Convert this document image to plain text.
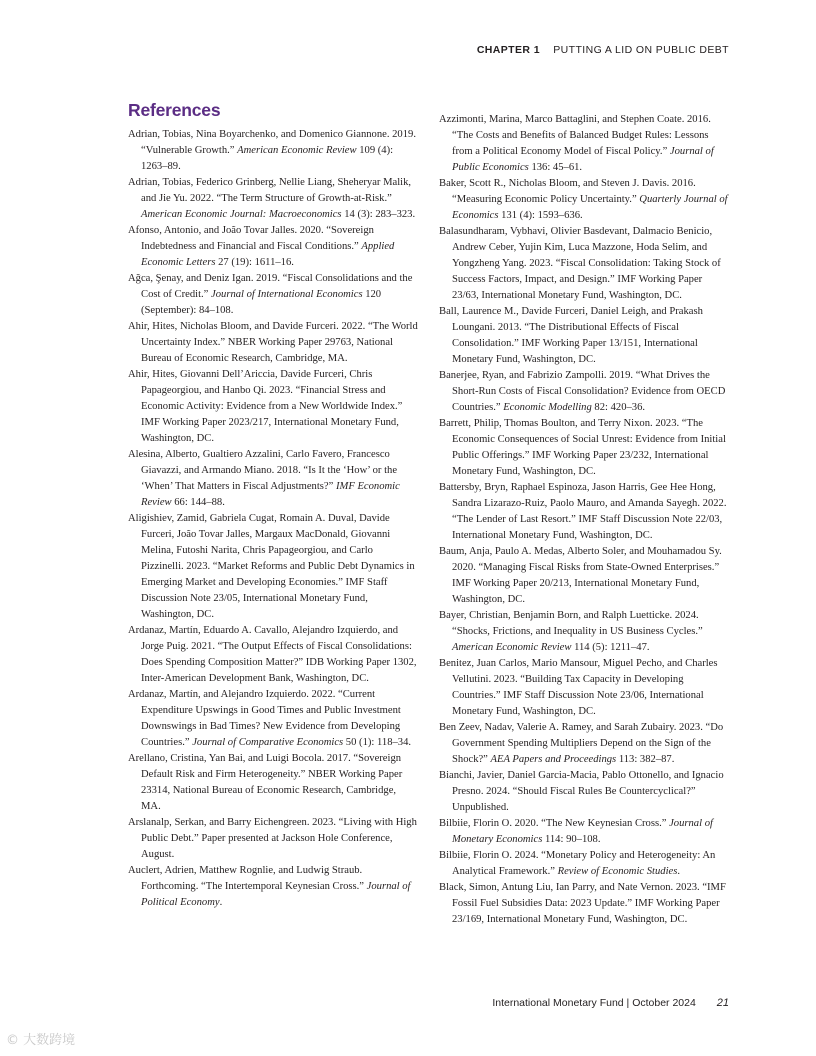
CHAPTER 1 PUTTING A LID ON PUBLIC DEBT
References

Adrian, Tobias, Nina Boyarchenko, and Domenico Giannone. 2019. “Vulnerable Growth.” American Economic Review 109 (4): 1263–89.

Adrian, Tobias, Federico Grinberg, Nellie Liang, Sheheryar Malik, and Jie Yu. 2022. “The Term Structure of Growth-at-Risk.” American Economic Journal: Macroeconomics 14 (3): 283–323.

Afonso, Antonio, and João Tovar Jalles. 2020. “Sovereign Indebtedness and Financial and Fiscal Conditions.” Applied Economic Letters 27 (19): 1611–16.

Ağca, Şenay, and Deniz Igan. 2019. “Fiscal Consolidations and the Cost of Credit.” Journal of International Economics 120 (September): 84–108.

Ahir, Hites, Nicholas Bloom, and Davide Furceri. 2022. “The World Uncertainty Index.” NBER Working Paper 29763, National Bureau of Economic Research, Cambridge, MA.

Ahir, Hites, Giovanni Dell’Ariccia, Davide Furceri, Chris Papageorgiou, and Hanbo Qi. 2023. “Financial Stress and Economic Activity: Evidence from a New Worldwide Index.” IMF Working Paper 2023/217, International Monetary Fund, Washington, DC.

Alesina, Alberto, Gualtiero Azzalini, Carlo Favero, Francesco Giavazzi, and Armando Miano. 2018. “Is It the ‘How’ or the ‘When’ That Matters in Fiscal Adjustments?” IMF Economic Review 66: 144–88.

Aligishiev, Zamid, Gabriela Cugat, Romain A. Duval, Davide Furceri, João Tovar Jalles, Margaux MacDonald, Giovanni Melina, Futoshi Narita, Chris Papageorgiou, and Carlo Pizzinelli. 2023. “Market Reforms and Public Debt Dynamics in Emerging Market and Developing Economies.” IMF Staff Discussion Note 23/05, International Monetary Fund, Washington, DC.

Ardanaz, Martín, Eduardo A. Cavallo, Alejandro Izquierdo, and Jorge Puig. 2021. “The Output Effects of Fiscal Consolidations: Does Spending Composition Matter?” IDB Working Paper 1302, Inter-American Development Bank, Washington, DC.

Ardanaz, Martín, and Alejandro Izquierdo. 2022. “Current Expenditure Upswings in Good Times and Public Investment Downswings in Bad Times? New Evidence from Developing Countries.” Journal of Comparative Economics 50 (1): 118–34.

Arellano, Cristina, Yan Bai, and Luigi Bocola. 2017. “Sovereign Default Risk and Firm Heterogeneity.” NBER Working Paper 23314, National Bureau of Economic Research, Cambridge, MA.

Arslanalp, Serkan, and Barry Eichengreen. 2023. “Living with High Public Debt.” Paper presented at Jackson Hole Conference, August.

Auclert, Adrien, Matthew Rognlie, and Ludwig Straub. Forthcoming. “The Intertemporal Keynesian Cross.” Journal of Political Economy.

Azzimonti, Marina, Marco Battaglini, and Stephen Coate. 2016. “The Costs and Benefits of Balanced Budget Rules: Lessons from a Political Economy Model of Fiscal Policy.” Journal of Public Economics 136: 45–61.

Baker, Scott R., Nicholas Bloom, and Steven J. Davis. 2016. “Measuring Economic Policy Uncertainty.” Quarterly Journal of Economics 131 (4): 1593–636.

Balasundharam, Vybhavi, Olivier Basdevant, Dalmacio Benicio, Andrew Ceber, Yujin Kim, Luca Mazzone, Hoda Selim, and Yongzheng Yang. 2023. “Fiscal Consolidation: Taking Stock of Success Factors, Impact, and Design.” IMF Working Paper 23/63, International Monetary Fund, Washington, DC.

Ball, Laurence M., Davide Furceri, Daniel Leigh, and Prakash Loungani. 2013. “The Distributional Effects of Fiscal Consolidation.” IMF Working Paper 13/151, International Monetary Fund, Washington, DC.

Banerjee, Ryan, and Fabrizio Zampolli. 2019. “What Drives the Short-Run Costs of Fiscal Consolidation? Evidence from OECD Countries.” Economic Modelling 82: 420–36.

Barrett, Philip, Thomas Boulton, and Terry Nixon. 2023. “The Economic Consequences of Social Unrest: Evidence from Initial Public Offerings.” IMF Working Paper 23/232, International Monetary Fund, Washington, DC.

Battersby, Bryn, Raphael Espinoza, Jason Harris, Gee Hee Hong, Sandra Lizarazo-Ruiz, Paolo Mauro, and Amanda Sayegh. 2022. “The Lender of Last Resort.” IMF Staff Discussion Note 22/03, International Monetary Fund, Washington, DC.

Baum, Anja, Paulo A. Medas, Alberto Soler, and Mouhamadou Sy. 2020. “Managing Fiscal Risks from State-Owned Enterprises.” IMF Working Paper 20/213, International Monetary Fund, Washington, DC.

Bayer, Christian, Benjamin Born, and Ralph Luetticke. 2024. “Shocks, Frictions, and Inequality in US Business Cycles.” American Economic Review 114 (5): 1211–47.

Benitez, Juan Carlos, Mario Mansour, Miguel Pecho, and Charles Vellutini. 2023. “Building Tax Capacity in Developing Countries.” IMF Staff Discussion Note 23/06, International Monetary Fund, Washington, DC.

Ben Zeev, Nadav, Valerie A. Ramey, and Sarah Zubairy. 2023. “Do Government Spending Multipliers Depend on the Sign of the Shock?” AEA Papers and Proceedings 113: 382–87.

Bianchi, Javier, Daniel Garcia-Macia, Pablo Ottonello, and Ignacio Presno. 2024. “Should Fiscal Rules Be Countercyclical?” Unpublished.

Bilbiie, Florin O. 2020. “The New Keynesian Cross.” Journal of Monetary Economics 114: 90–108.

Bilbiie, Florin O. 2024. “Monetary Policy and Heterogeneity: An Analytical Framework.” Review of Economic Studies.

Black, Simon, Antung Liu, Ian Parry, and Nate Vernon. 2023. “IMF Fossil Fuel Subsidies Data: 2023 Update.” IMF Working Paper 23/169, International Monetary Fund, Washington, DC.

International Monetary Fund | October 2024 21
© 大数跨境
